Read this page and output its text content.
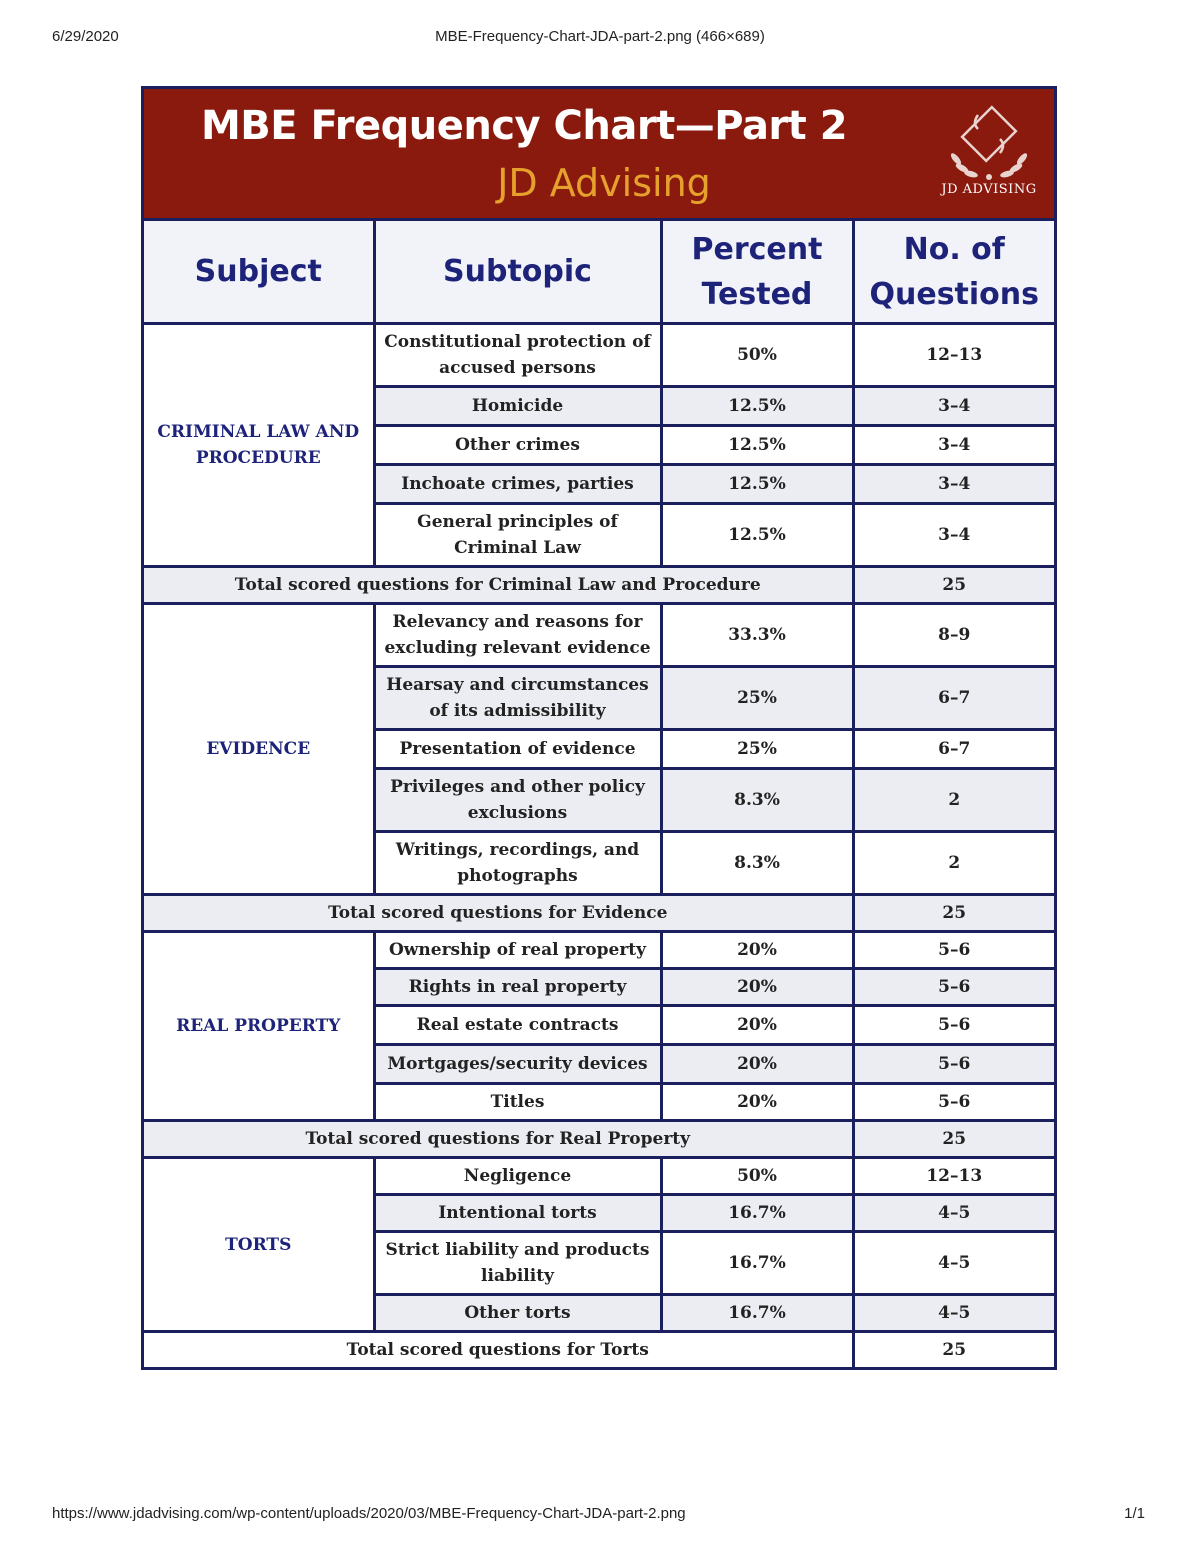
6/29/2020	MBE-Frequency-Chart-JDA-part-2.png (466×689)
MBE Frequency Chart—Part 2
JD Advising	JD ADVISING
Subject	Subtopic	Percent Tested	No. of Questions
CRIMINAL LAW AND PROCEDURE	Constitutional protection of accused persons	50%	12–13
	Homicide	12.5%	3–4
	Other crimes	12.5%	3–4
	Inchoate crimes, parties	12.5%	3–4
	General principles of Criminal Law	12.5%	3–4
Total scored questions for Criminal Law and Procedure			25
EVIDENCE	Relevancy and reasons for excluding relevant evidence	33.3%	8–9
	Hearsay and circumstances of its admissibility	25%	6–7
	Presentation of evidence	25%	6–7
	Privileges and other policy exclusions	8.3%	2
	Writings, recordings, and photographs	8.3%	2
Total scored questions for Evidence			25
REAL PROPERTY	Ownership of real property	20%	5–6
	Rights in real property	20%	5–6
	Real estate contracts	20%	5–6
	Mortgages/security devices	20%	5–6
	Titles	20%	5–6
Total scored questions for Real Property			25
TORTS	Negligence	50%	12–13
	Intentional torts	16.7%	4–5
	Strict liability and products liability	16.7%	4–5
	Other torts	16.7%	4–5
Total scored questions for Torts			25
https://www.jdadvising.com/wp-content/uploads/2020/03/MBE-Frequency-Chart-JDA-part-2.png	1/1
